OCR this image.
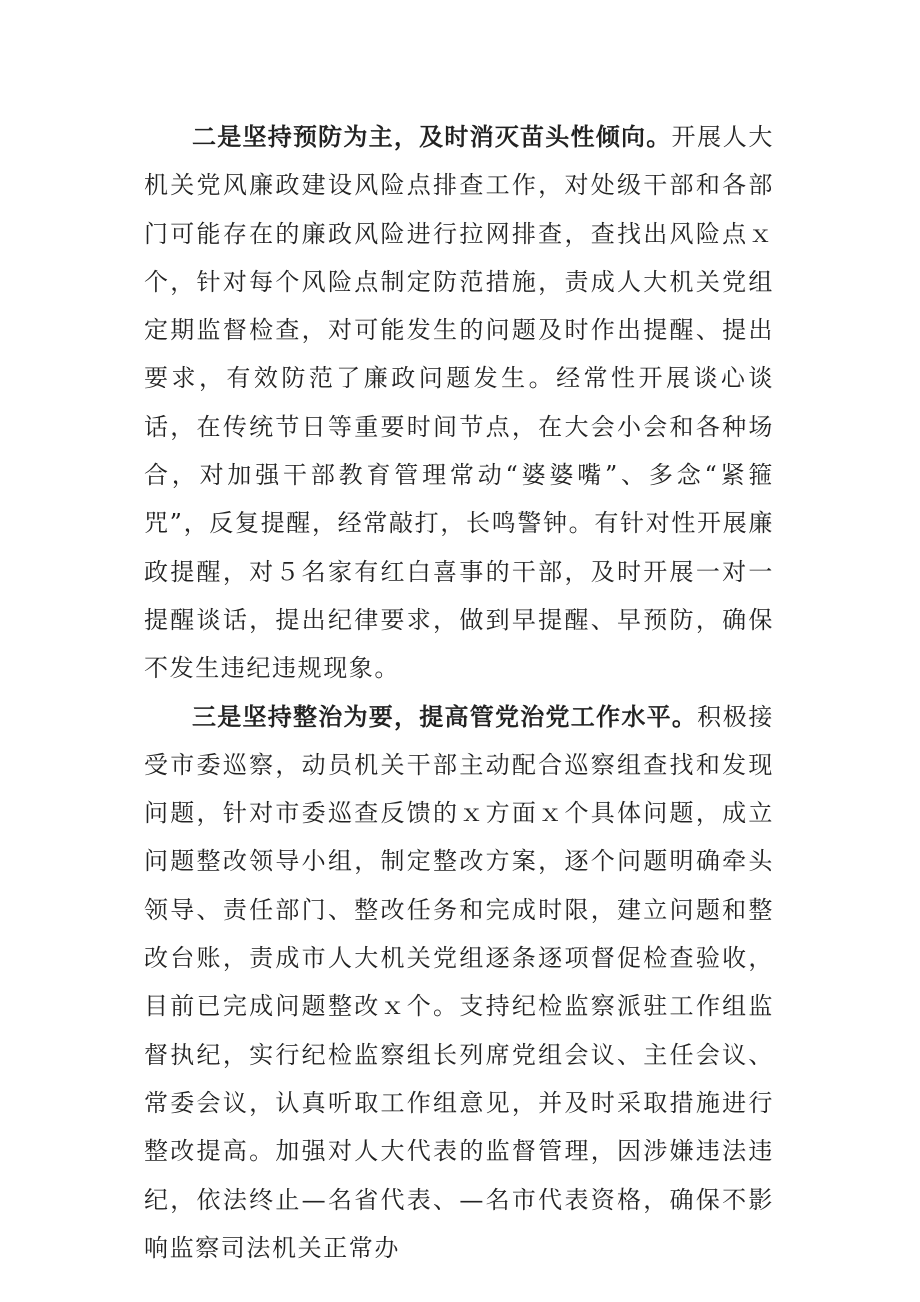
二是坚持预防为主，及时消灭苗头性倾向。开展人大机关党风廉政建设风险点排查工作，对处级干部和各部门可能存在的廉政风险进行拉网排查，查找出风险点ｘ个，针对每个风险点制定防范措施，责成人大机关党组定期监督检查，对可能发生的问题及时作出提醒、提出要求，有效防范了廉政问题发生。经常性开展谈心谈话，在传统节日等重要时间节点，在大会小会和各种场合，对加强干部教育管理常动“婆婆嘴”、多念“紧箍咒”，反复提醒，经常敲打，长鸣警钟。有针对性开展廉政提醒，对５名家有红白喜事的干部，及时开展一对一提醒谈话，提出纪律要求，做到早提醒、早预防，确保不发生违纪违规现象。

三是坚持整治为要，提高管党治党工作水平。积极接受市委巡察，动员机关干部主动配合巡察组查找和发现问题，针对市委巡查反馈的ｘ方面ｘ个具体问题，成立问题整改领导小组，制定整改方案，逐个问题明确牵头领导、责任部门、整改任务和完成时限，建立问题和整改台账，责成市人大机关党组逐条逐项督促检查验收，目前已完成问题整改ｘ个。支持纪检监察派驻工作组监督执纪，实行纪检监察组长列席党组会议、主任会议、常委会议，认真听取工作组意见，并及时采取措施进行整改提高。加强对人大代表的监督管理，因涉嫌违法违纪，依法终止—名省代表、—名市代表资格，确保不影响监察司法机关正常办
